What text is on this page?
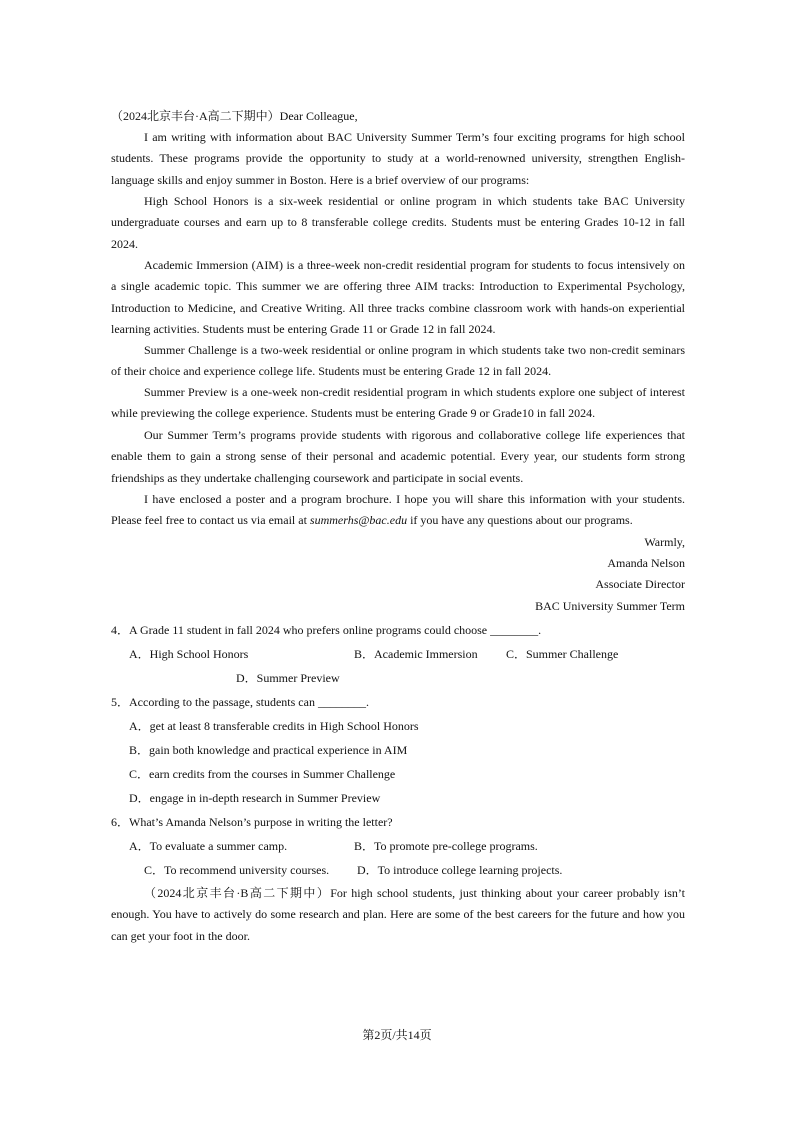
（2024北京丰台·A高二下期中）Dear Colleague,

I am writing with information about BAC University Summer Term’s four exciting programs for high school students. These programs provide the opportunity to study at a world-renowned university, strengthen English-language skills and enjoy summer in Boston. Here is a brief overview of our programs:

High School Honors is a six-week residential or online program in which students take BAC University undergraduate courses and earn up to 8 transferable college credits. Students must be entering Grades 10-12 in fall 2024.

Academic Immersion (AIM) is a three-week non-credit residential program for students to focus intensively on a single academic topic. This summer we are offering three AIM tracks: Introduction to Experimental Psychology, Introduction to Medicine, and Creative Writing. All three tracks combine classroom work with hands-on experiential learning activities. Students must be entering Grade 11 or Grade 12 in fall 2024.

Summer Challenge is a two-week residential or online program in which students take two non-credit seminars of their choice and experience college life. Students must be entering Grade 12 in fall 2024.

Summer Preview is a one-week non-credit residential program in which students explore one subject of interest while previewing the college experience. Students must be entering Grade 9 or Grade10 in fall 2024.

Our Summer Term’s programs provide students with rigorous and collaborative college life experiences that enable them to gain a strong sense of their personal and academic potential. Every year, our students form strong friendships as they undertake challenging coursework and participate in social events.

I have enclosed a poster and a program brochure. I hope you will share this information with your students. Please feel free to contact us via email at summerhs@bac.edu if you have any questions about our programs.

Warmly,

Amanda Nelson

Associate Director

BAC University Summer Term

4．A Grade 11 student in fall 2024 who prefers online programs could choose ________.

A．High School Honors	B．Academic Immersion C．Summer Challenge

D．Summer Preview

5．According to the passage, students can ________.

A．get at least 8 transferable credits in High School Honors

B．gain both knowledge and practical experience in AIM

C．earn credits from the courses in Summer Challenge

D．engage in in-depth research in Summer Preview

6．What’s Amanda Nelson’s purpose in writing the letter?

A．To evaluate a summer camp.	B．To promote pre-college programs.

C．To recommend university courses. D．To introduce college learning projects.

（2024北京丰台·B高二下期中）For high school students, just thinking about your career probably isn’t enough. You have to actively do some research and plan. Here are some of the best careers for the future and how you can get your foot in the door.

第2页/共14页
